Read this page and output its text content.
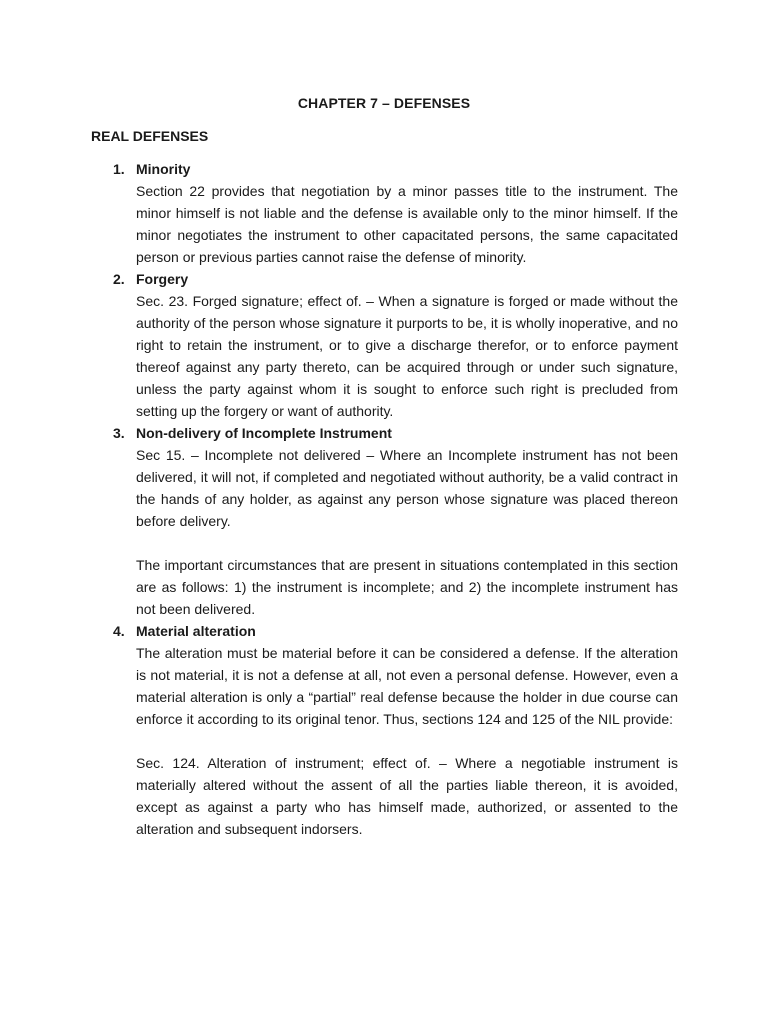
CHAPTER 7 – DEFENSES
REAL DEFENSES
1. Minority

Section 22 provides that negotiation by a minor passes title to the instrument. The minor himself is not liable and the defense is available only to the minor himself. If the minor negotiates the instrument to other capacitated persons, the same capacitated person or previous parties cannot raise the defense of minority.

2. Forgery

Sec. 23. Forged signature; effect of. – When a signature is forged or made without the authority of the person whose signature it purports to be, it is wholly inoperative, and no right to retain the instrument, or to give a discharge therefor, or to enforce payment thereof against any party thereto, can be acquired through or under such signature, unless the party against whom it is sought to enforce such right is precluded from setting up the forgery or want of authority.

3. Non-delivery of Incomplete Instrument

Sec 15. – Incomplete not delivered – Where an Incomplete instrument has not been delivered, it will not, if completed and negotiated without authority, be a valid contract in the hands of any holder, as against any person whose signature was placed thereon before delivery.

The important circumstances that are present in situations contemplated in this section are as follows: 1) the instrument is incomplete; and 2) the incomplete instrument has not been delivered.

4. Material alteration

The alteration must be material before it can be considered a defense. If the alteration is not material, it is not a defense at all, not even a personal defense. However, even a material alteration is only a “partial” real defense because the holder in due course can enforce it according to its original tenor. Thus, sections 124 and 125 of the NIL provide:

Sec. 124. Alteration of instrument; effect of. – Where a negotiable instrument is materially altered without the assent of all the parties liable thereon, it is avoided, except as against a party who has himself made, authorized, or assented to the alteration and subsequent indorsers.
